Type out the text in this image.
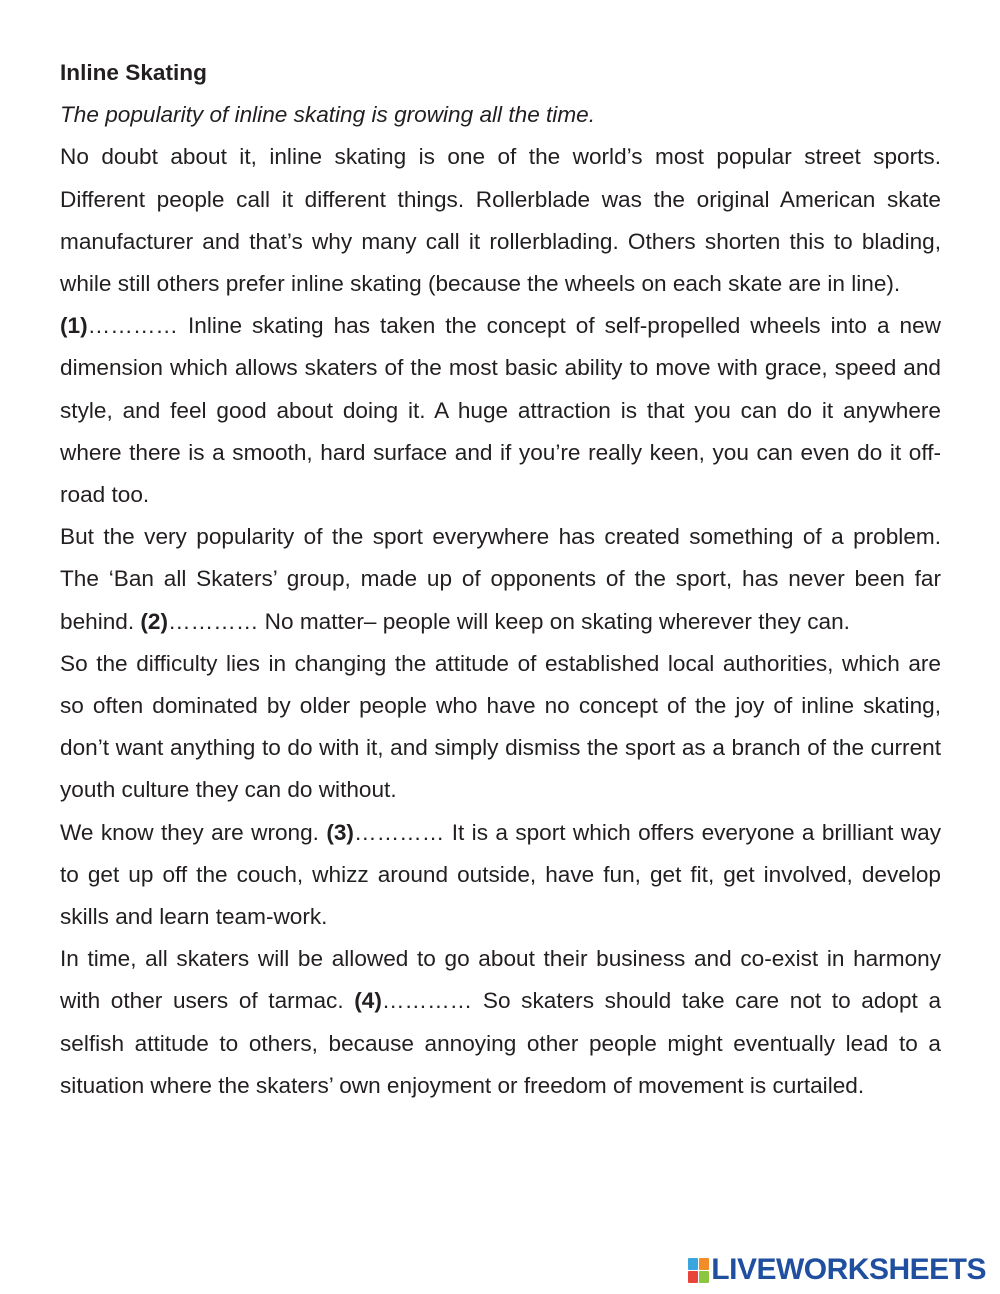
Inline Skating

The popularity of inline skating is growing all the time.

No doubt about it, inline skating is one of the world’s most popular street sports. Different people call it different things. Rollerblade was the original American skate manufacturer and that’s why many call it rollerblading. Others shorten this to blading, while still others prefer inline skating (because the wheels on each skate are in line).

(1)………… Inline skating has taken the concept of self-propelled wheels into a new dimension which allows skaters of the most basic ability to move with grace, speed and style, and feel good about doing it. A huge attraction is that you can do it anywhere where there is a smooth, hard surface and if you’re really keen, you can even do it off-road too.

But the very popularity of the sport everywhere has created something of a problem. The ‘Ban all Skaters’ group, made up of opponents of the sport, has never been far behind. (2)………… No matter– people will keep on skating wherever they can.

So the difficulty lies in changing the attitude of established local authorities, which are so often dominated by older people who have no concept of the joy of inline skating, don’t want anything to do with it, and simply dismiss the sport as a branch of the current youth culture they can do without.

We know they are wrong. (3)………… It is a sport which offers everyone a brilliant way to get up off the couch, whizz around outside, have fun, get fit, get involved, develop skills and learn team-work.

In time, all skaters will be allowed to go about their business and co-exist in harmony with other users of tarmac. (4)………… So skaters should take care not to adopt a selfish attitude to others, because annoying other people might eventually lead to a situation where the skaters’ own enjoyment or freedom of movement is curtailed.

LIVEWORKSHEETS
